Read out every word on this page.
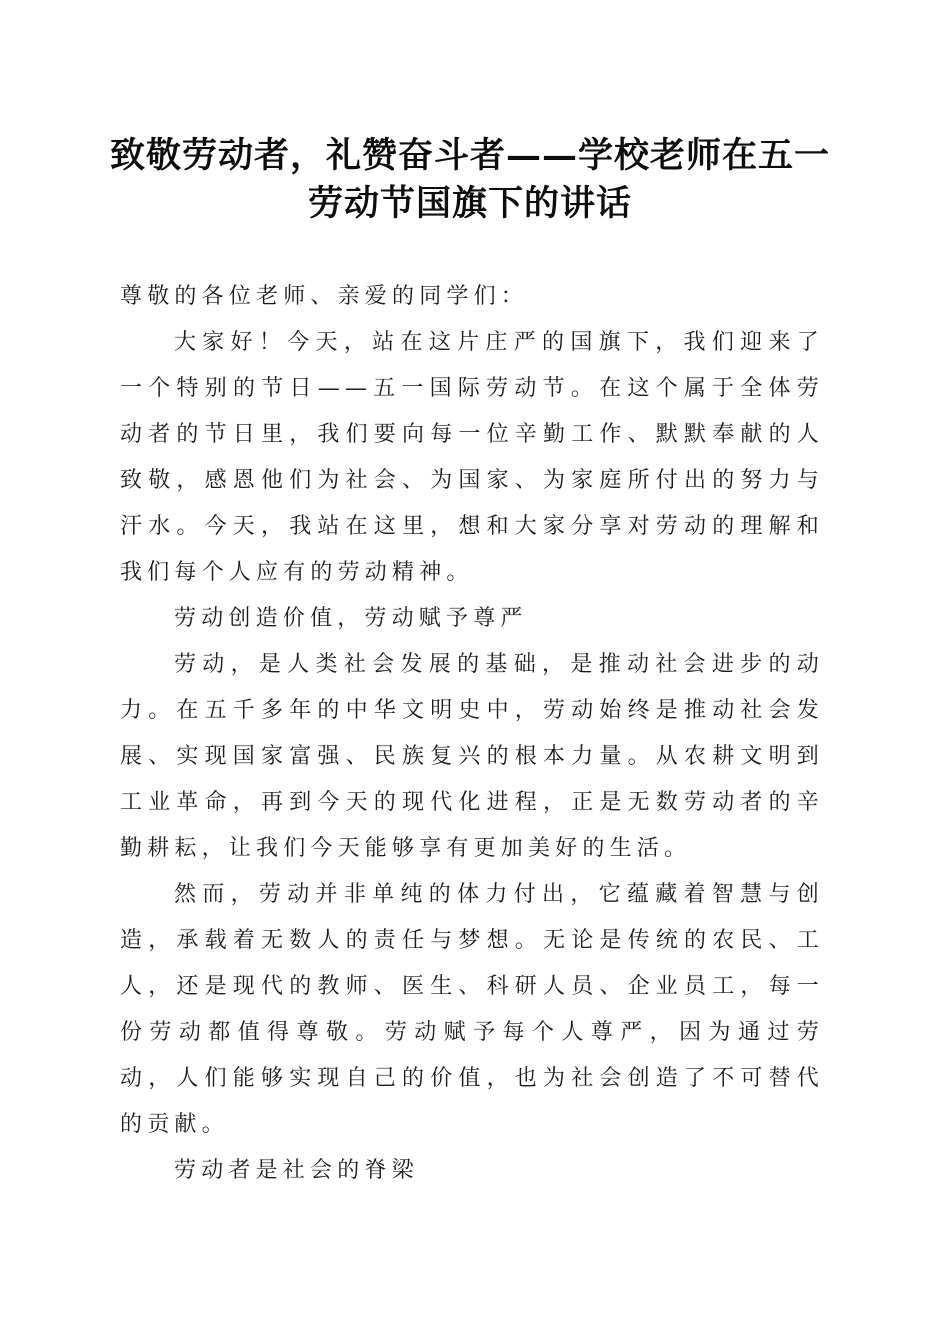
致敬劳动者，礼赞奋斗者——学校老师在五一劳动节国旗下的讲话

尊敬的各位老师、亲爱的同学们：

大家好！今天，站在这片庄严的国旗下，我们迎来了一个特别的节日——五一国际劳动节。在这个属于全体劳动者的节日里，我们要向每一位辛勤工作、默默奉献的人致敬，感恩他们为社会、为国家、为家庭所付出的努力与汗水。今天，我站在这里，想和大家分享对劳动的理解和我们每个人应有的劳动精神。

劳动创造价值，劳动赋予尊严

劳动，是人类社会发展的基础，是推动社会进步的动力。在五千多年的中华文明史中，劳动始终是推动社会发展、实现国家富强、民族复兴的根本力量。从农耕文明到工业革命，再到今天的现代化进程，正是无数劳动者的辛勤耕耘，让我们今天能够享有更加美好的生活。

然而，劳动并非单纯的体力付出，它蕴藏着智慧与创造，承载着无数人的责任与梦想。无论是传统的农民、工人，还是现代的教师、医生、科研人员、企业员工，每一份劳动都值得尊敬。劳动赋予每个人尊严，因为通过劳动，人们能够实现自己的价值，也为社会创造了不可替代的贡献。

劳动者是社会的脊梁
